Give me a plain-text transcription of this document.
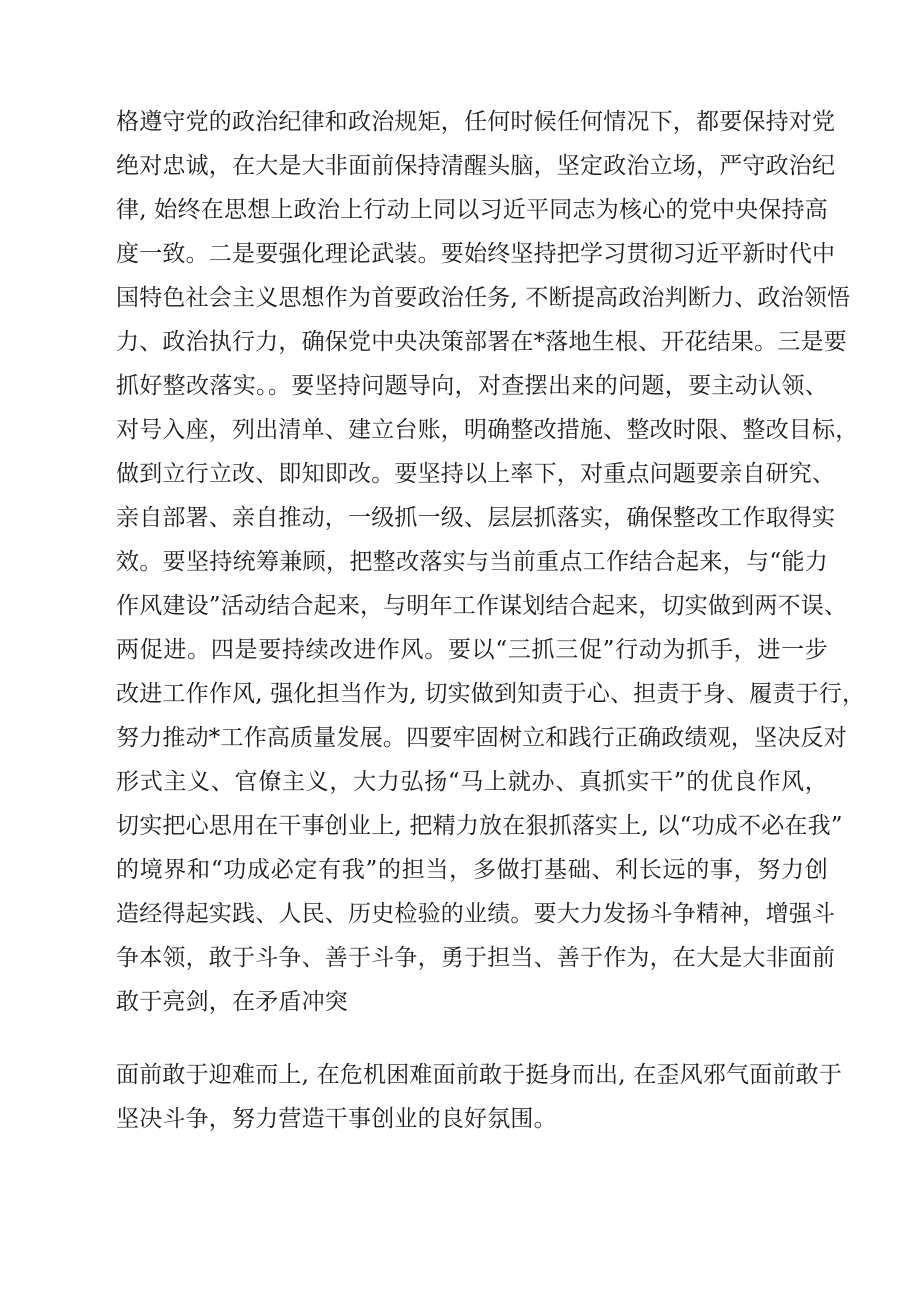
格遵守党的政治纪律和政治规矩，任何时候任何情况下，都要保持对党
绝对忠诚，在大是大非面前保持清醒头脑，坚定政治立场，严守政治纪
律, 始终在思想上政治上行动上同以习近平同志为核心的党中央保持高
度一致。二是要强化理论武装。要始终坚持把学习贯彻习近平新时代中
国特色社会主义思想作为首要政治任务, 不断提高政治判断力、政治领悟
力、政治执行力，确保党中央决策部署在*落地生根、开花结果。三是要
抓好整改落实。。要坚持问题导向，对查摆出来的问题，要主动认领、
对号入座，列出清单、建立台账，明确整改措施、整改时限、整改目标，
做到立行立改、即知即改。要坚持以上率下，对重点问题要亲自研究、
亲自部署、亲自推动，一级抓一级、层层抓落实，确保整改工作取得实
效。要坚持统筹兼顾，把整改落实与当前重点工作结合起来，与“能力
作风建设”活动结合起来，与明年工作谋划结合起来，切实做到两不误、
两促进。四是要持续改进作风。要以“三抓三促”行动为抓手，进一步
改进工作作风, 强化担当作为, 切实做到知责于心、担责于身、履责于行，
努力推动*工作高质量发展。四要牢固树立和践行正确政绩观，坚决反对
形式主义、官僚主义，大力弘扬“马上就办、真抓实干”的优良作风，
切实把心思用在干事创业上, 把精力放在狠抓落实上, 以“功成不必在我”
的境界和“功成必定有我”的担当，多做打基础、利长远的事，努力创
造经得起实践、人民、历史检验的业绩。要大力发扬斗争精神，增强斗
争本领，敢于斗争、善于斗争，勇于担当、善于作为，在大是大非面前
敢于亮剑，在矛盾冲突
面前敢于迎难而上, 在危机困难面前敢于挺身而出, 在歪风邪气面前敢于
坚决斗争，努力营造干事创业的良好氛围。
